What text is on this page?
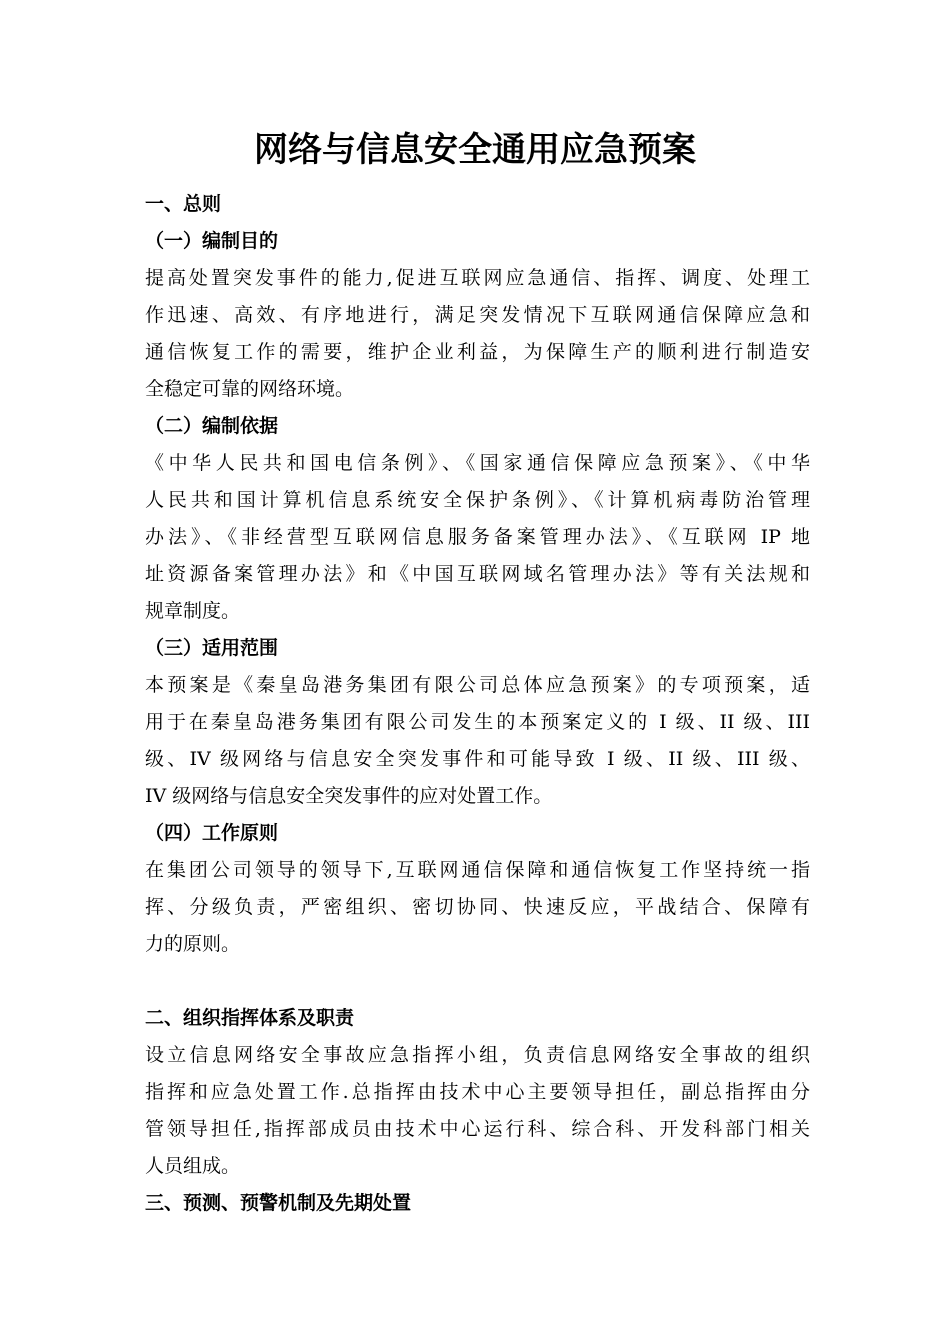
网络与信息安全通用应急预案
一、总则
（一）编制目的

提高处置突发事件的能力,促进互联网应急通信、指挥、调度、处理工
作迅速、高效、有序地进行，满足突发情况下互联网通信保障应急和
通信恢复工作的需要，维护企业利益，为保障生产的顺利进行制造安
全稳定可靠的网络环境。

（二）编制依据

《中华人民共和国电信条例》、《国家通信保障应急预案》、《中华
人民共和国计算机信息系统安全保护条例》、《计算机病毒防治管理
办法》、《非经营型互联网信息服务备案管理办法》、《互联网 IP 地
址资源备案管理办法》和《中国互联网域名管理办法》等有关法规和
规章制度。

（三）适用范围

本预案是《秦皇岛港务集团有限公司总体应急预案》的专项预案，适
用于在秦皇岛港务集团有限公司发生的本预案定义的 I 级、II 级、III
级、IV 级网络与信息安全突发事件和可能导致 I 级、II 级、III 级、
IV 级网络与信息安全突发事件的应对处置工作。

（四）工作原则

在集团公司领导的领导下,互联网通信保障和通信恢复工作坚持统一指
挥、分级负责，严密组织、密切协同、快速反应，平战结合、保障有
力的原则。

二、组织指挥体系及职责

设立信息网络安全事故应急指挥小组，负责信息网络安全事故的组织
指挥和应急处置工作.总指挥由技术中心主要领导担任，副总指挥由分
管领导担任,指挥部成员由技术中心运行科、综合科、开发科部门相关
人员组成。

三、预测、预警机制及先期处置
